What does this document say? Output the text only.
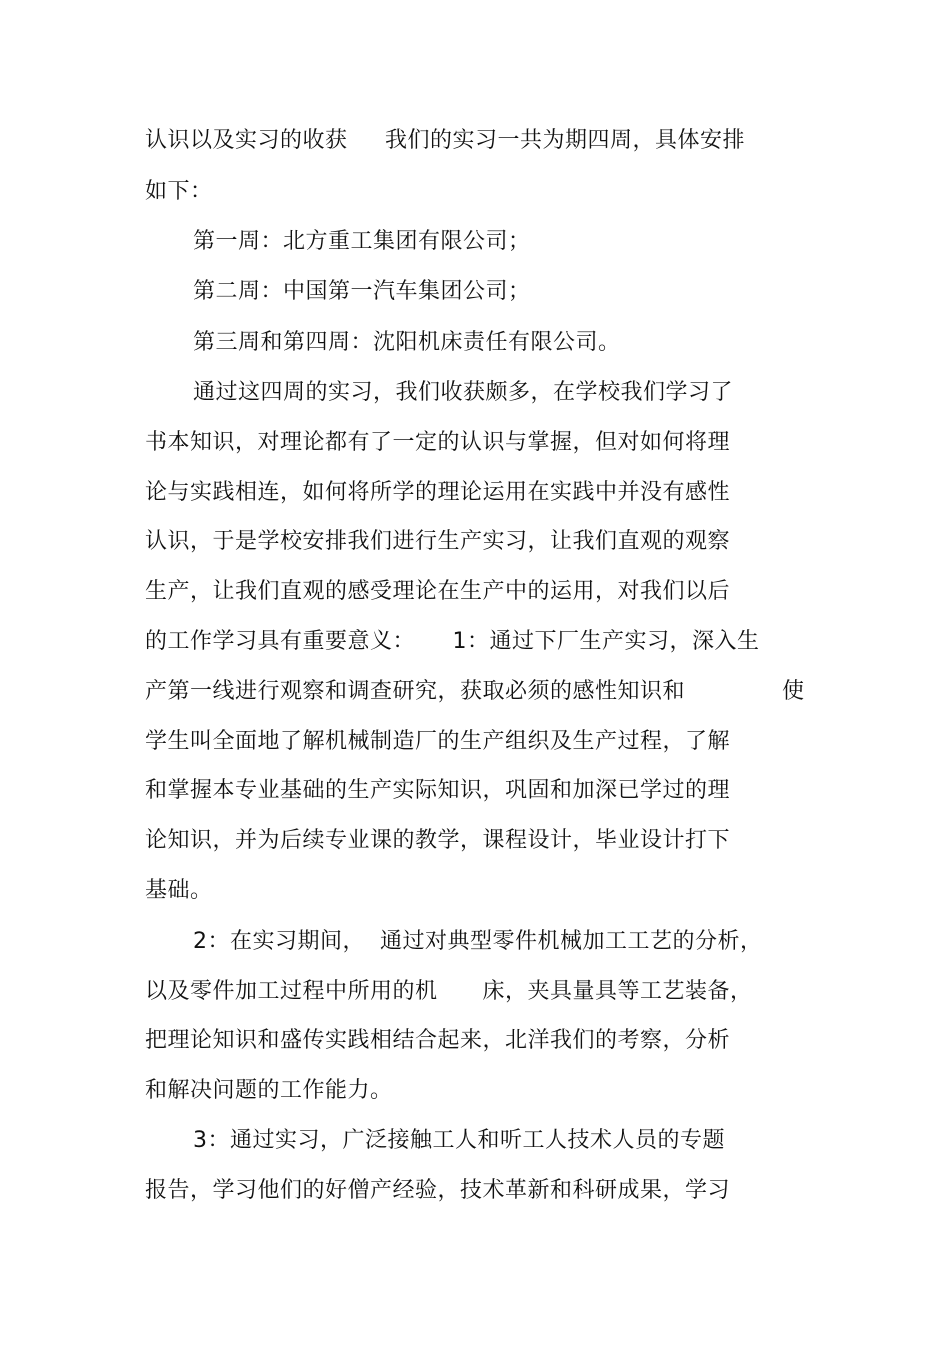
认识以及实习的收获     我们的实习一共为期四周，具体安排
如下：
第一周：北方重工集团有限公司；
第二周：中国第一汽车集团公司；
第三周和第四周：沈阳机床责任有限公司。
通过这四周的实习，我们收获颇多，在学校我们学习了
书本知识，对理论都有了一定的认识与掌握，但对如何将理
论与实践相连，如何将所学的理论运用在实践中并没有感性
认识，于是学校安排我们进行生产实习，让我们直观的观察
生产，让我们直观的感受理论在生产中的运用，对我们以后
的工作学习具有重要意义：     1：通过下厂生产实习，深入生
产第一线进行观察和调查研究，获取必须的感性知识和	使
学生叫全面地了解机械制造厂的生产组织及生产过程，了解
和掌握本专业基础的生产实际知识，巩固和加深已学过的理
论知识，并为后续专业课的教学，课程设计，毕业设计打下
基础。
2：在实习期间，  通过对典型零件机械加工工艺的分析，
以及零件加工过程中所用的机      床，夹具量具等工艺装备，
把理论知识和盛传实践相结合起来，北洋我们的考察，分析
和解决问题的工作能力。
3：通过实习，广泛接触工人和听工人技术人员的专题
报告，学习他们的好僧产经验，技术革新和科研成果，学习
